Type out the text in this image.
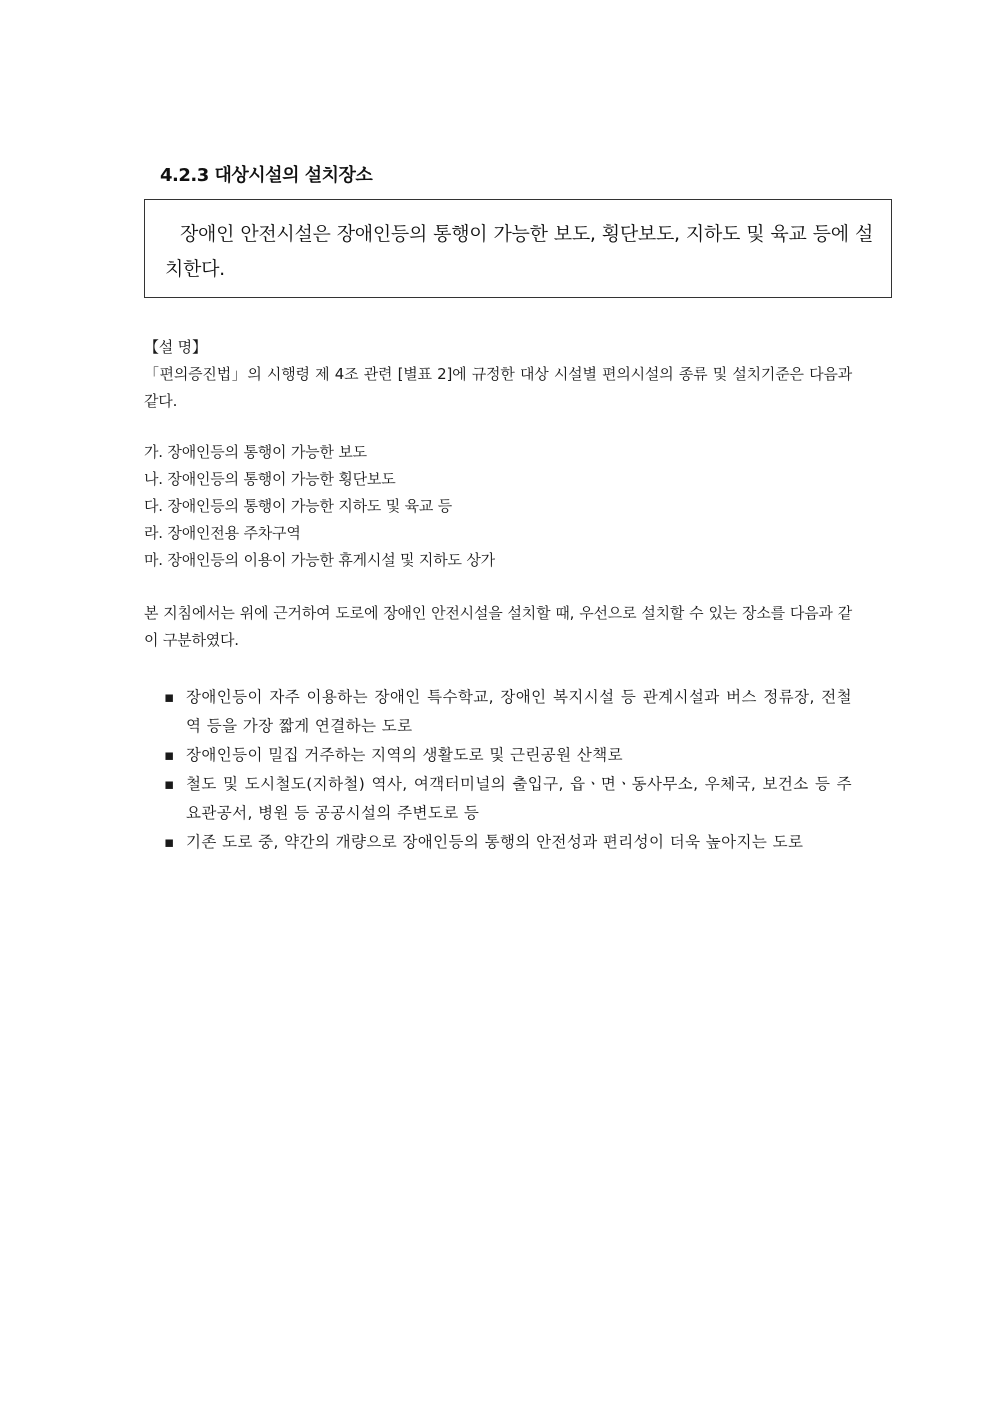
4.2.3 대상시설의 설치장소

장애인 안전시설은 장애인등의 통행이 가능한 보도, 횡단보도, 지하도 및 육교 등에 설치한다.

【설 명】

「편의증진법」의 시행령 제 4조 관련 [별표 2]에 규정한 대상 시설별 편의시설의 종류 및 설치기준은 다음과 같다.

가. 장애인등의 통행이 가능한 보도
나. 장애인등의 통행이 가능한 횡단보도
다. 장애인등의 통행이 가능한 지하도 및 육교 등
라. 장애인전용 주차구역
마. 장애인등의 이용이 가능한 휴게시설 및 지하도 상가

본 지침에서는 위에 근거하여 도로에 장애인 안전시설을 설치할 때, 우선으로 설치할 수 있는 장소를 다음과 같이 구분하였다.

▪ 장애인등이 자주 이용하는 장애인 특수학교, 장애인 복지시설 등 관계시설과 버스 정류장, 전철역 등을 가장 짧게 연결하는 도로
▪ 장애인등이 밀집 거주하는 지역의 생활도로 및 근린공원 산책로
▪ 철도 및 도시철도(지하철) 역사, 여객터미널의 출입구, 읍ㆍ면ㆍ동사무소, 우체국, 보건소 등 주요관공서, 병원 등 공공시설의 주변도로 등
▪ 기존 도로 중, 약간의 개량으로 장애인등의 통행의 안전성과 편리성이 더욱 높아지는 도로
